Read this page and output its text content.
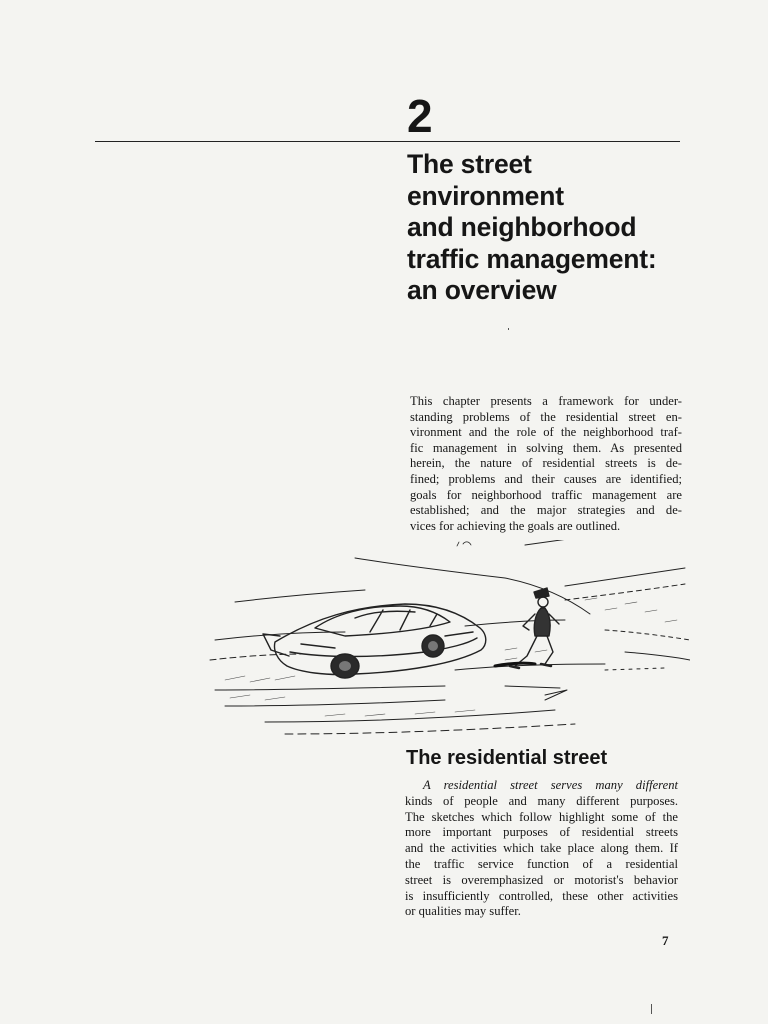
2
The street
environment
and neighborhood
traffic management:
an overview

This chapter presents a framework for under-
standing problems of the residential street en-
vironment and the role of the neighborhood traf-
fic management in solving them. As presented
herein, the nature of residential streets is de-
fined; problems and their causes are identified;
goals for neighborhood traffic management are
established; and the major strategies and de-
vices for achieving the goals are outlined.

The residential street

A residential street serves many different
kinds of people and many different purposes.
The sketches which follow highlight some of the
more important purposes of residential streets
and the activities which take place along them. If
the traffic service function of a residential
street is overemphasized or motorist's behavior
is insufficiently controlled, these other activities
or qualities may suffer.

7
